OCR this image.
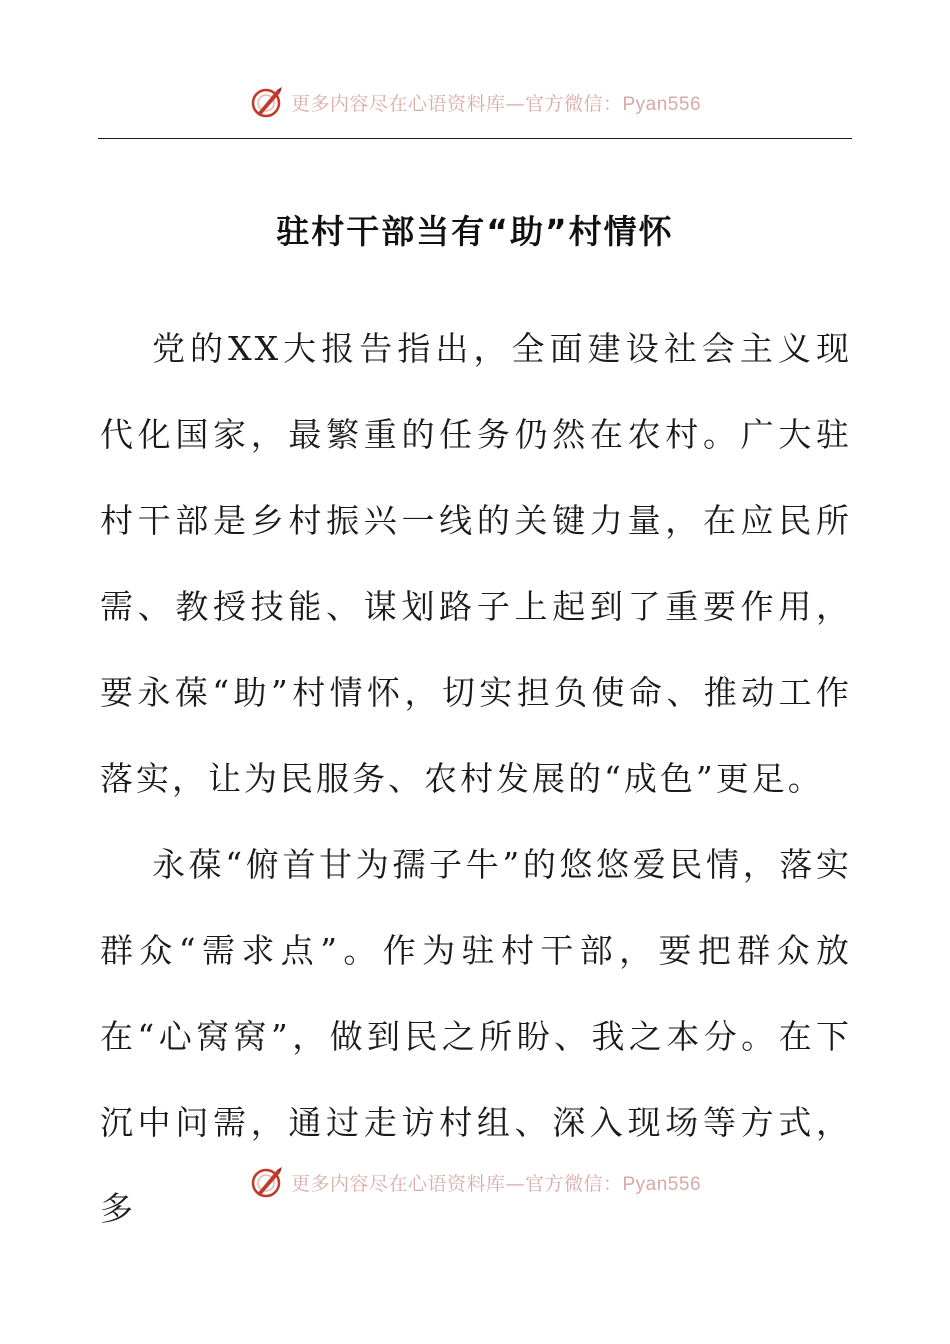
更多内容尽在心语资料库—官方微信：Pyan556
驻村干部当有“助”村情怀

党的XX大报告指出，全面建设社会主义现代化国家，最繁重的任务仍然在农村。广大驻村干部是乡村振兴一线的关键力量，在应民所需、教授技能、谋划路子上起到了重要作用，要永葆“助”村情怀，切实担负使命、推动工作落实，让为民服务、农村发展的“成色”更足。

永葆“俯首甘为孺子牛”的悠悠爱民情，落实群众“需求点”。作为驻村干部，要把群众放在“心窝窝”，做到民之所盼、我之本分。在下沉中问需，通过走访村组、深入现场等方式，多

更多内容尽在心语资料库—官方微信：Pyan556
